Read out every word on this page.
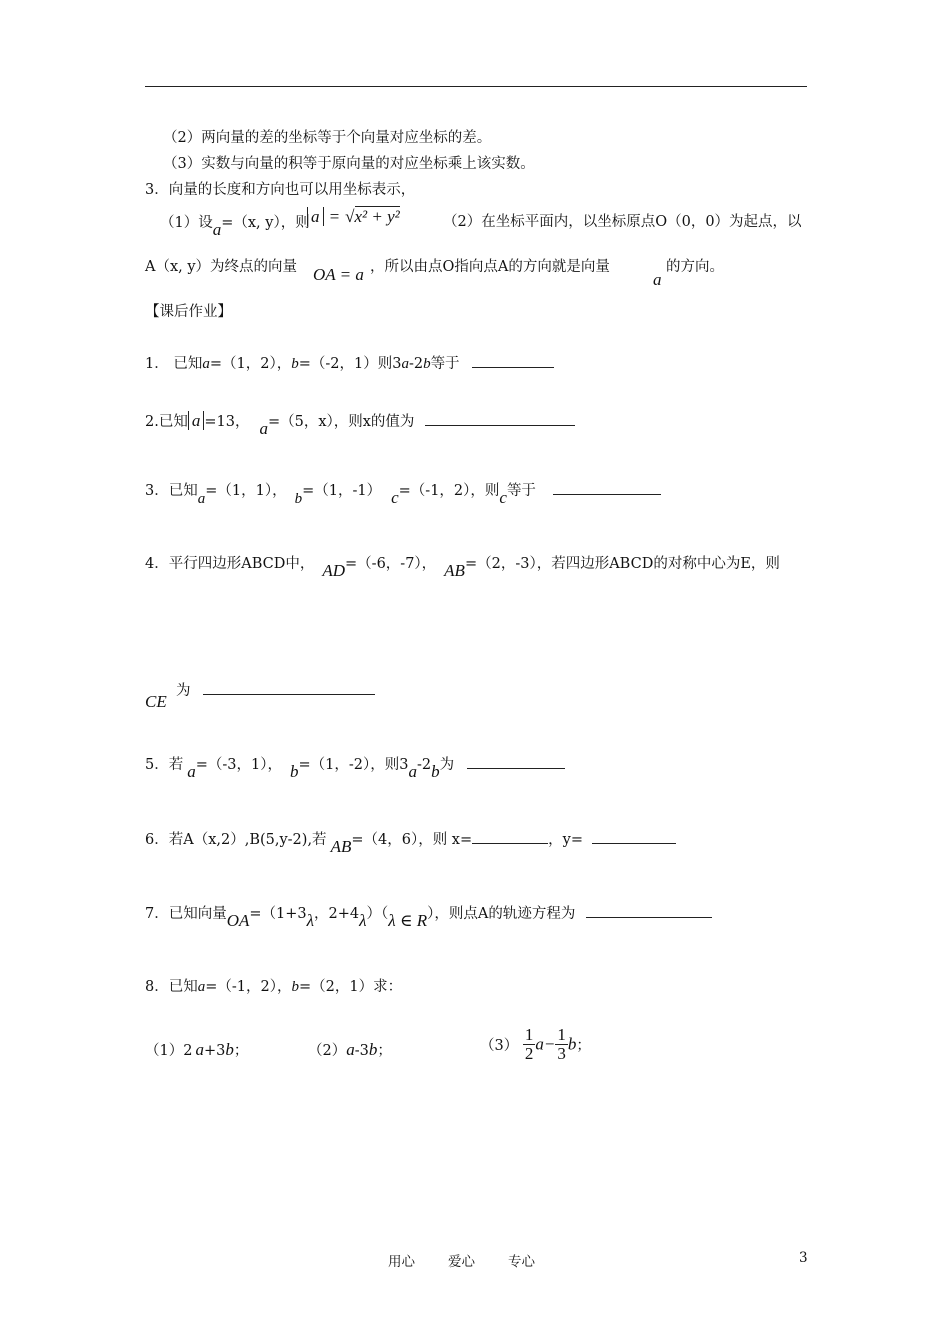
（2）两向量的差的坐标等于个向量对应坐标的差。
（3）实数与向量的积等于原向量的对应坐标乘上该实数。
3．向量的长度和方向也可以用坐标表示，
（1）设a=（x, y），则 a = √x² + y²	（2）在坐标平面内，以坐标原点O（0，0）为起点，以
A（x, y）为终点的向量 OA = a ，所以由点O指向点A的方向就是向量
a
的方向。
【课后作业】
1． 已知a=（1，2），b=（-2，1）则3a-2b等于
2.已知 a =13， a=（5，x），则x的值为
3．已知a=（1，1）， b=（1，-1） c=（-1，2），则c等于
4．平行四边形ABCD中， AD=（-6，-7）， AB=（2，-3），若四边形ABCD的对称中心为E，则
CE
为
5．若 a=（-3，1）， b=（1，-2），则3a-2b为
6．若A（x,2）,B(5,y-2),若 AB=（4，6），则 x=	，y=
7．已知向量OA=（1+3λ，2+4λ）（λ ∈ R），则点A的轨迹方程为
8．已知a=（-1，2），b=（2，1）求：
（1）2 a+3b；	（2）a-3b；	$(3) \frac{1}{2} a- \frac{1}{3}$ b；
用心 爱心 专心	3
